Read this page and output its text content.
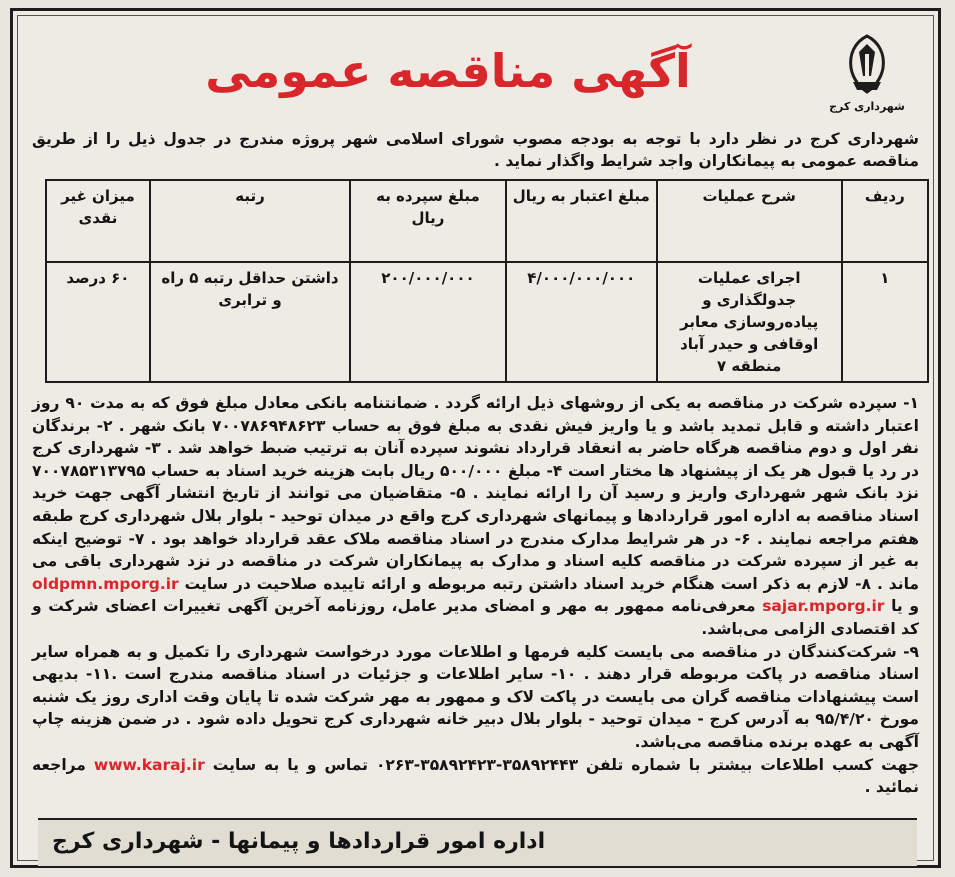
شهرداری کرج
آگهی مناقصه عمومی
شهرداری کرج در نظر دارد با توجه به بودجه مصوب شورای اسلامی شهر پروژه مندرج در جدول ذیل را از طریق مناقصه عمومی به پیمانکاران واجد شرایط واگذار نماید .
ردیف	شرح عملیات	مبلغ اعتبار به ریال	مبلغ سپرده به ریال	رتبه	میزان غیر نقدی
۱	اجرای عملیات جدولگذاری و پیاده‌روسازی معابر اوقافی و حیدر آباد منطقه ۷	۴/۰۰۰/۰۰۰/۰۰۰	۲۰۰/۰۰۰/۰۰۰	داشتن حداقل رتبه ۵ راه و ترابری	۶۰ درصد

۱- سپرده شرکت در مناقصه به یکی از روشهای ذیل ارائه گردد . ضمانتنامه بانکی معادل مبلغ فوق که به مدت ۹۰ روز اعتبار داشته و قابل تمدید باشد و یا واریز فیش نقدی به مبلغ فوق به حساب ۷۰۰۷۸۶۹۴۸۶۲۳ بانک شهر . ۲- برندگان نفر اول و دوم مناقصه هرگاه حاضر به انعقاد قرارداد نشوند سپرده آنان به ترتیب ضبط خواهد شد . ۳- شهرداری کرج در رد یا قبول هر یک از پیشنهاد ها مختار است ۴- مبلغ ۵۰۰/۰۰۰ ریال بابت هزینه خرید اسناد به حساب ۷۰۰۷۸۵۳۱۳۷۹۵ نزد بانک شهر شهرداری واریز و رسید آن را ارائه نمایند . ۵- متقاضیان می توانند از تاریخ انتشار آگهی جهت خرید اسناد مناقصه به اداره امور قراردادها و پیمانهای شهرداری کرج واقع در میدان توحید - بلوار بلال شهرداری کرج طبقه هفتم مراجعه نمایند . ۶- در هر شرایط مدارک مندرج در اسناد مناقصه ملاک عقد قرارداد خواهد بود . ۷- توضیح اینکه به غیر از سپرده شرکت در مناقصه کلیه اسناد و مدارک به پیمانکاران شرکت در مناقصه در نزد شهرداری باقی می ماند . ۸- لازم به ذکر است هنگام خرید اسناد داشتن رتبه مربوطه و ارائه تاییده صلاحیت در سایت oldpmn.mporg.ir و یا sajar.mporg.ir معرفی‌نامه ممهور به مهر و امضای مدیر عامل، روزنامه آخرین آگهی تغییرات اعضای شرکت و کد اقتصادی الزامی می‌باشد.

۹- شرکت‌کنندگان در مناقصه می بایست کلیه فرمها و اطلاعات مورد درخواست شهرداری را تکمیل و به همراه سایر اسناد مناقصه در پاکت مربوطه قرار دهند . ۱۰- سایر اطلاعات و جزئیات در اسناد مناقصه مندرج است .۱۱- بدیهی است پیشنهادات مناقصه گران می بایست در پاکت لاک و ممهور به مهر شرکت شده تا پایان وقت اداری روز یک شنبه مورخ ۹۵/۴/۲۰ به آدرس کرج - میدان توحید - بلوار بلال دبیر خانه شهرداری کرج تحویل داده شود . در ضمن هزینه چاپ آگهی به عهده برنده مناقصه می‌باشد.

جهت کسب اطلاعات بیشتر با شماره تلفن ۳۵۸۹۲۴۴۳-۳۵۸۹۲۴۲۳-۰۲۶۳ تماس و یا به سایت www.karaj.ir مراجعه نمائید .

اداره امور قراردادها و پیمانها - شهرداری کرج
